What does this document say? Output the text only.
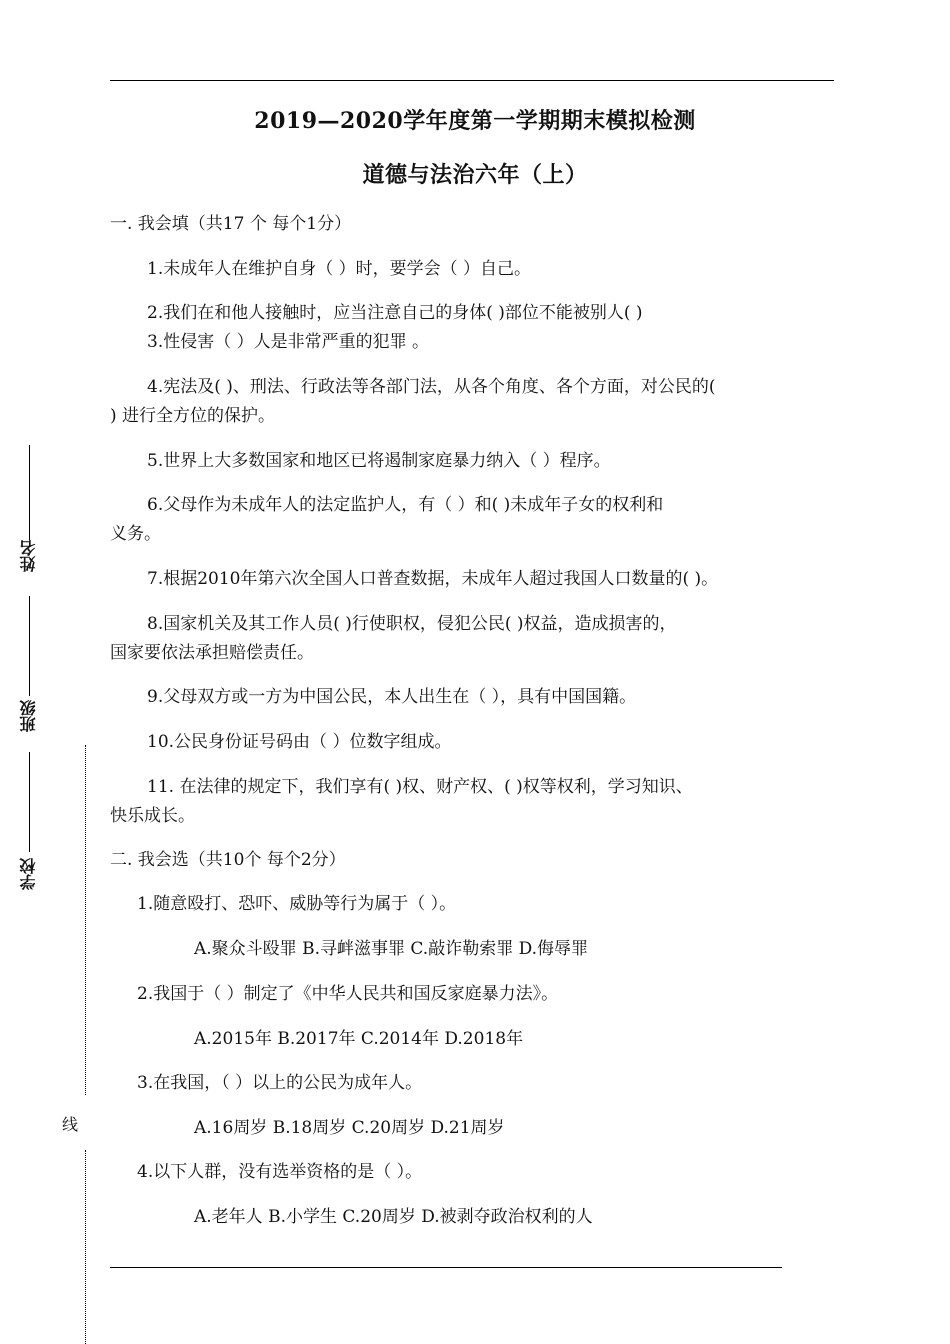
2019—2020学年度第一学期期末模拟检测
道德与法治六年（上）
姓名
班级
学校
线
一. 我会填（共17 个 每个1分）
1.未成年人在维护自身（ ）时，要学会（ ）自己。
2.我们在和他人接触时，应当注意自己的身体( )部位不能被别人( )
3.性侵害（ ）人是非常严重的犯罪 。
4.宪法及( )、刑法、行政法等各部门法，从各个角度、各个方面，对公民的(
) 进行全方位的保护。
5.世界上大多数国家和地区已将遏制家庭暴力纳入（ ）程序。
6.父母作为未成年人的法定监护人，有（ ）和( )未成年子女的权利和
义务。
7.根据2010年第六次全国人口普查数据，未成年人超过我国人口数量的( )。
8.国家机关及其工作人员( )行使职权，侵犯公民( )权益，造成损害的，
国家要依法承担赔偿责任。
9.父母双方或一方为中国公民，本人出生在（ ），具有中国国籍。
10.公民身份证号码由（ ）位数字组成。
11. 在法律的规定下，我们享有( )权、财产权、( )权等权利，学习知识、
快乐成长。
二. 我会选（共10个 每个2分）
1.随意殴打、恐吓、威胁等行为属于（ ）。
A.聚众斗殴罪 B.寻衅滋事罪 C.敲诈勒索罪 D.侮辱罪
2.我国于（ ）制定了《中华人民共和国反家庭暴力法》。
A.2015年 B.2017年 C.2014年 D.2018年
3.在我国，（ ）以上的公民为成年人。
A.16周岁 B.18周岁 C.20周岁 D.21周岁
4.以下人群，没有选举资格的是（ ）。
A.老年人 B.小学生 C.20周岁 D.被剥夺政治权利的人
